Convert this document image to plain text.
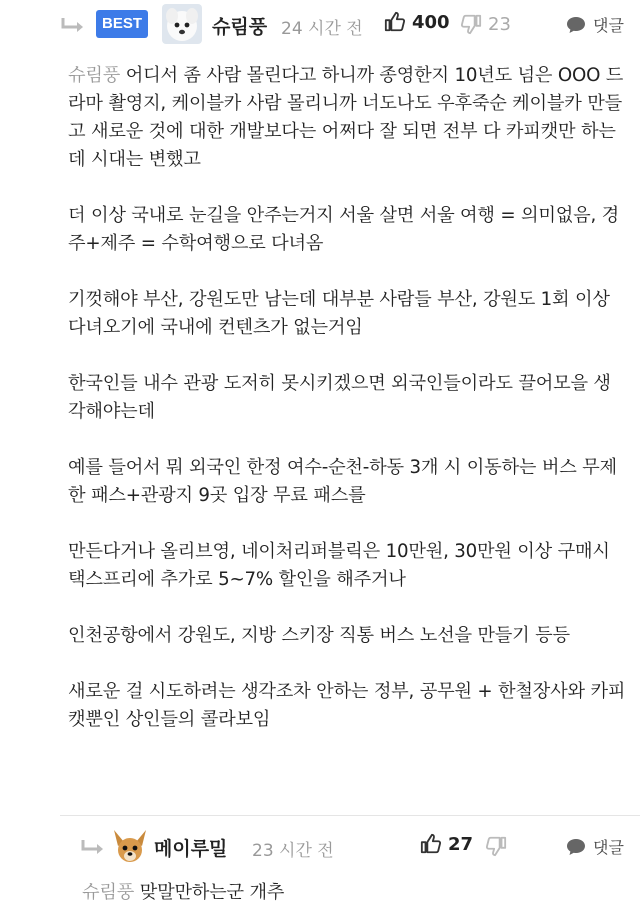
BEST	슈림풍 24 시간 전	400 23	댓글

슈림풍 어디서 좀 사람 몰린다고 하니까 종영한지 10년도 넘은 OOO 드라마 촬영지, 케이블카 사람 몰리니까 너도나도 우후죽순 케이블카 만들고 새로운 것에 대한 개발보다는 어쩌다 잘 되면 전부 다 카피캣만 하는데 시대는 변했고

더 이상 국내로 눈길을 안주는거지 서울 살면 서울 여행 = 의미없음, 경주+제주 = 수학여행으로 다녀옴

기껏해야 부산, 강원도만 남는데 대부분 사람들 부산, 강원도 1회 이상 다녀오기에 국내에 컨텐츠가 없는거임

한국인들 내수 관광 도저히 못시키겠으면 외국인들이라도 끌어모을 생각해야는데

예를 들어서 뭐 외국인 한정 여수-순천-하동 3개 시 이동하는 버스 무제한 패스+관광지 9곳 입장 무료 패스를

만든다거나 올리브영, 네이처리퍼블릭은 10만원, 30만원 이상 구매시 택스프리에 추가로 5~7% 할인을 해주거나

인천공항에서 강원도, 지방 스키장 직통 버스 노선을 만들기 등등

새로운 걸 시도하려는 생각조차 안하는 정부, 공무원 + 한철장사와 카피캣뿐인 상인들의 콜라보임

메이루밀 23 시간 전	27	댓글
슈림풍 맞말만하는군 개추
